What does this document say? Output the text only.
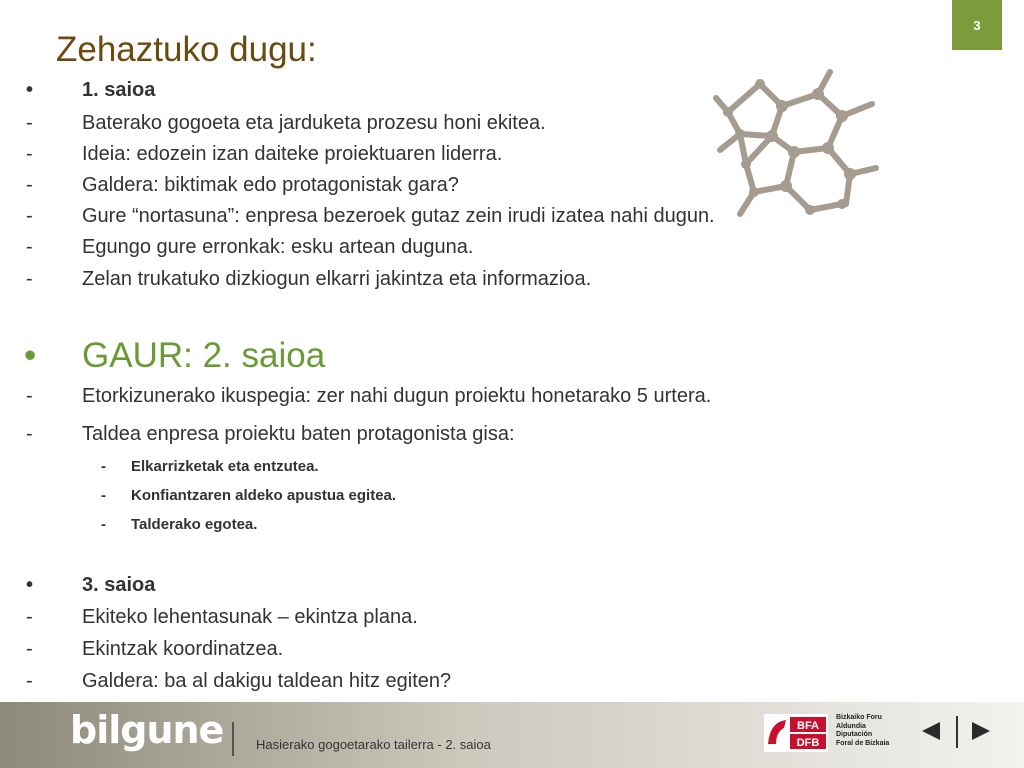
3
Zehaztuko dugu:
• 1. saioa
- Baterako gogoeta eta jarduketa prozesu honi ekitea.
- Ideia: edozein izan daiteke proiektuaren liderra.
- Galdera: biktimak edo protagonistak gara?
- Gure “nortasuna”: enpresa bezeroek gutaz zein irudi izatea nahi dugun.
- Egungo gure erronkak: esku artean duguna.
- Zelan trukatuko dizkiogun elkarri jakintza eta informazioa.
• GAUR: 2. saioa
- Etorkizunerako ikuspegia: zer nahi dugun proiektu honetarako 5 urtera.
- Taldea enpresa proiektu baten protagonista gisa:
- Elkarrizketak eta entzutea.
- Konfiantzaren aldeko apustua egitea.
- Talderako egotea.
• 3. saioa
- Ekiteko lehentasunak – ekintza plana.
- Ekintzak koordinatzea.
- Galdera: ba al dakigu taldean hitz egiten?
bilgune	Hasierako gogoetarako tailerra - 2. saioa
BFA
DFB
Bizkaiko Foru
Aldundia
Diputación
Foral de Bizkaia
